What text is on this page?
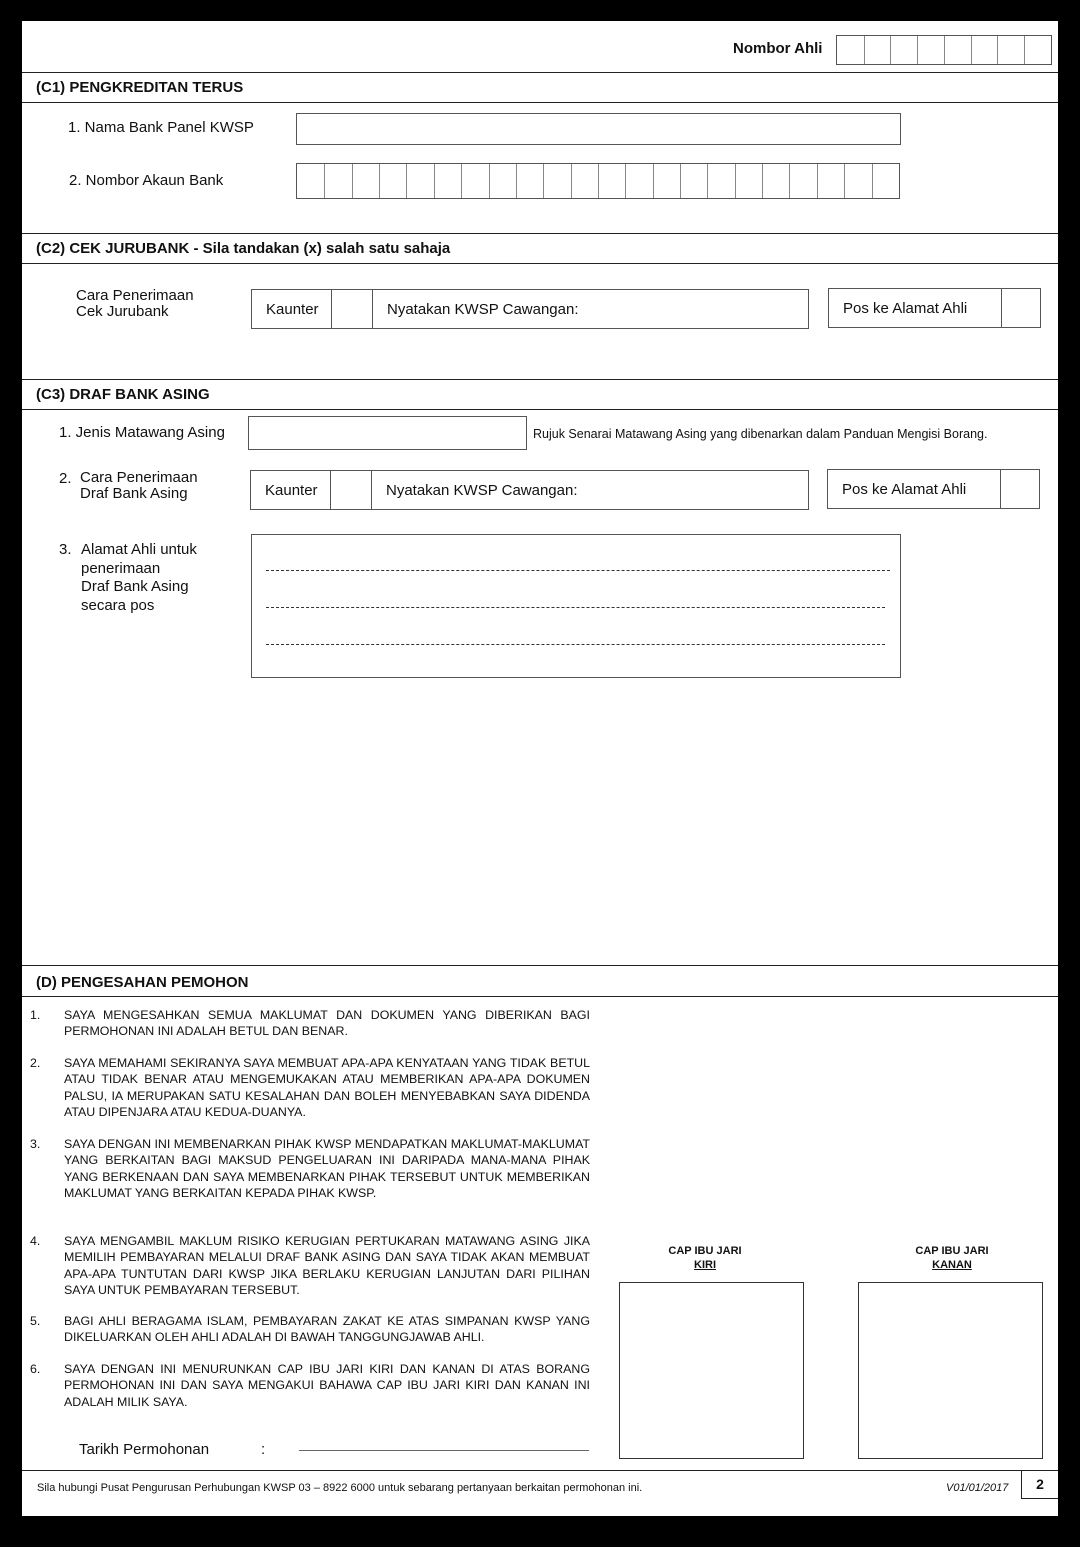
Nombor Ahli
(C1) PENGKREDITAN TERUS
1. Nama Bank Panel KWSP
2. Nombor Akaun Bank
(C2) CEK JURUBANK - Sila tandakan (x) salah satu sahaja
Cara Penerimaan
Cek Jurubank	Kaunter	Nyatakan KWSP Cawangan:	Pos ke Alamat Ahli
(C3) DRAF BANK ASING
1. Jenis Matawang Asing	Rujuk Senarai Matawang Asing yang dibenarkan dalam Panduan Mengisi Borang.
2. Cara Penerimaan
Draf Bank Asing	Kaunter	Nyatakan KWSP Cawangan:	Pos ke Alamat Ahli
3. Alamat Ahli untuk
penerimaan
Draf Bank Asing
secara pos
(D) PENGESAHAN PEMOHON
1. SAYA MENGESAHKAN SEMUA MAKLUMAT DAN DOKUMEN YANG DIBERIKAN BAGI PERMOHONAN INI ADALAH BETUL DAN BENAR.
2. SAYA MEMAHAMI SEKIRANYA SAYA MEMBUAT APA-APA KENYATAAN YANG TIDAK BETUL ATAU TIDAK BENAR ATAU MENGEMUKAKAN ATAU MEMBERIKAN APA-APA DOKUMEN PALSU, IA MERUPAKAN SATU KESALAHAN DAN BOLEH MENYEBABKAN SAYA DIDENDA ATAU DIPENJARA ATAU KEDUA-DUANYA.
3. SAYA DENGAN INI MEMBENARKAN PIHAK KWSP MENDAPATKAN MAKLUMAT-MAKLUMAT YANG BERKAITAN BAGI MAKSUD PENGELUARAN INI DARIPADA MANA-MANA PIHAK YANG BERKENAAN DAN SAYA MEMBENARKAN PIHAK TERSEBUT UNTUK MEMBERIKAN MAKLUMAT YANG BERKAITAN KEPADA PIHAK KWSP.
4. SAYA MENGAMBIL MAKLUM RISIKO KERUGIAN PERTUKARAN MATAWANG ASING JIKA MEMILIH PEMBAYARAN MELALUI DRAF BANK ASING DAN SAYA TIDAK AKAN MEMBUAT APA-APA TUNTUTAN DARI KWSP JIKA BERLAKU KERUGIAN LANJUTAN DARI PILIHAN SAYA UNTUK PEMBAYARAN TERSEBUT.
5. BAGI AHLI BERAGAMA ISLAM, PEMBAYARAN ZAKAT KE ATAS SIMPANAN KWSP YANG DIKELUARKAN OLEH AHLI ADALAH DI BAWAH TANGGUNGJAWAB AHLI.
6. SAYA DENGAN INI MENURUNKAN CAP IBU JARI KIRI DAN KANAN DI ATAS BORANG PERMOHONAN INI DAN SAYA MENGAKUI BAHAWA CAP IBU JARI KIRI DAN KANAN INI ADALAH MILIK SAYA.
Tarikh Permohonan	:
CAP IBU JARI
KIRI
CAP IBU JARI
KANAN
Sila hubungi Pusat Pengurusan Perhubungan KWSP 03 – 8922 6000 untuk sebarang pertanyaan berkaitan permohonan ini.	V01/01/2017	2
